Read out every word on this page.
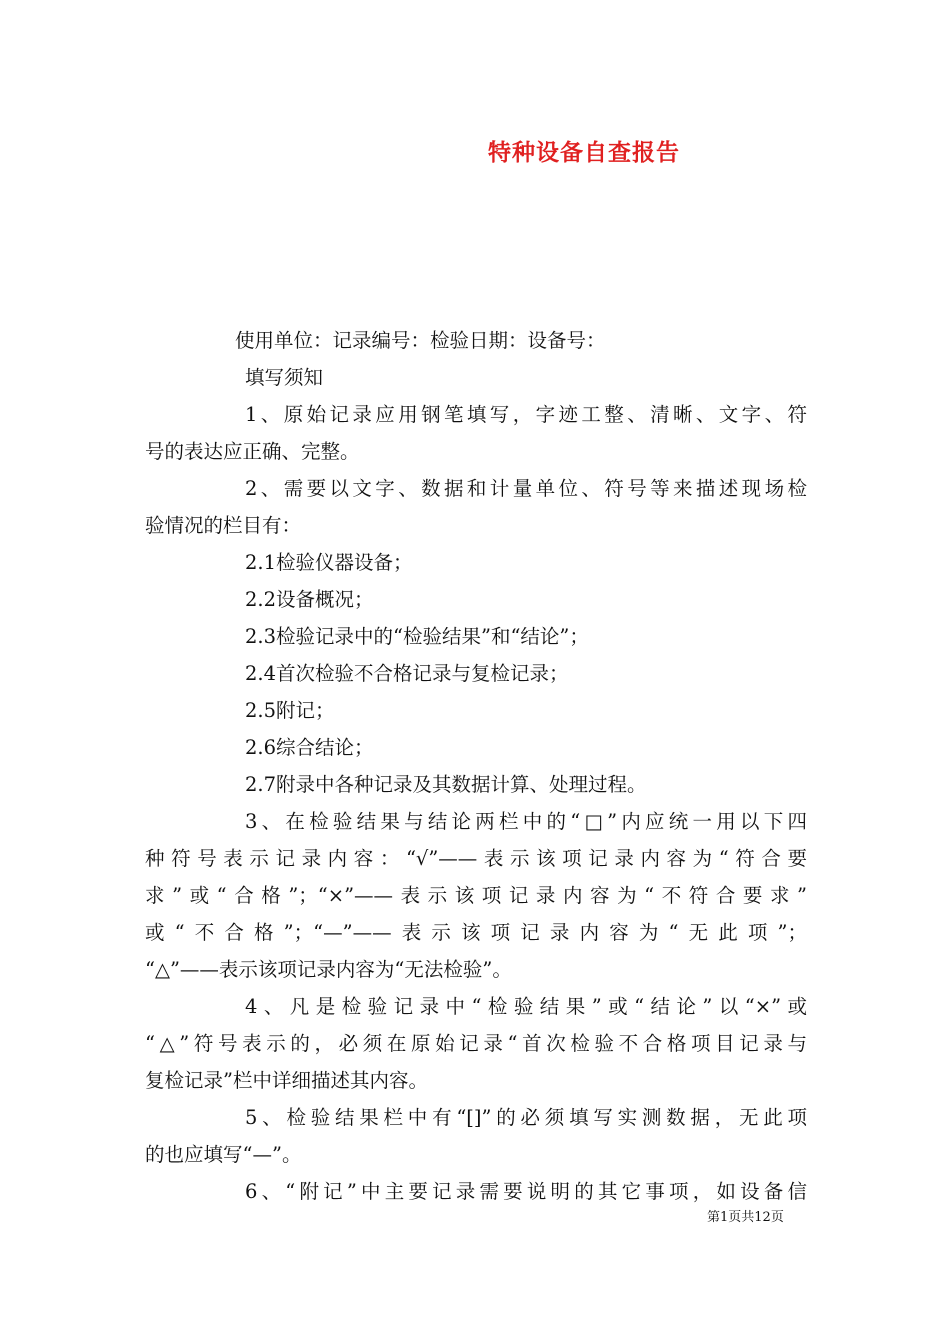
特种设备自查报告
使用单位：记录编号：检验日期：设备号：
填写须知
1、原始记录应用钢笔填写，字迹工整、清晰、文字、符
号的表达应正确、完整。
2、需要以文字、数据和计量单位、符号等来描述现场检
验情况的栏目有：
2.1检验仪器设备；
2.2设备概况；
2.3检验记录中的“检验结果”和“结论”；
2.4首次检验不合格记录与复检记录；
2.5附记；
2.6综合结论；
2.7附录中各种记录及其数据计算、处理过程。
3、在检验结果与结论两栏中的“□”内应统一用以下四
种符号表示记录内容：“√”——表示该项记录内容为“符合要
求”或“合格”；“×”——表示该项记录内容为“不符合要求”
或“不合格”；“—”——表示该项记录内容为“无此项”；
“△”——表示该项记录内容为“无法检验”。
4、凡是检验记录中“检验结果”或“结论”以“×”或
“△”符号表示的，必须在原始记录“首次检验不合格项目记录与
复检记录”栏中详细描述其内容。
5、检验结果栏中有“[]”的必须填写实测数据，无此项
的也应填写“—”。
6、“附记”中主要记录需要说明的其它事项，如设备信
第1页共12页
